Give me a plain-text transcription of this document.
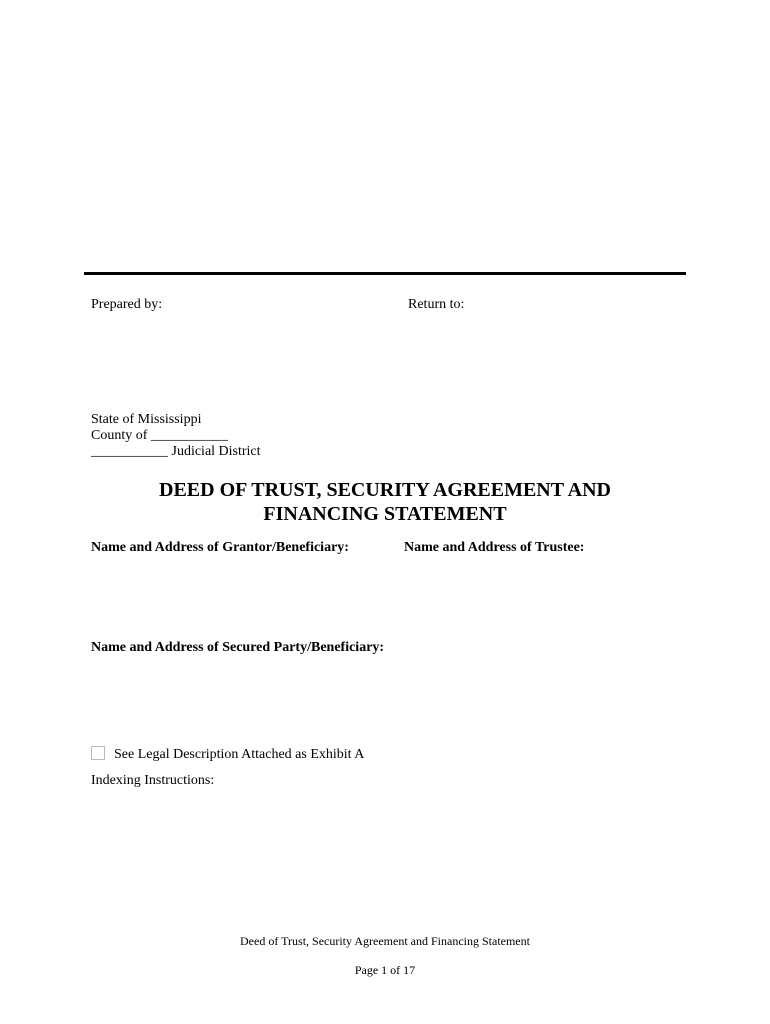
Prepared by:	Return to:
State of Mississippi
County of ___________
___________ Judicial District
DEED OF TRUST, SECURITY AGREEMENT AND
FINANCING STATEMENT
Name and Address of Grantor/Beneficiary:	Name and Address of Trustee:
Name and Address of Secured Party/Beneficiary:
See Legal Description Attached as Exhibit A
Indexing Instructions:
Deed of Trust, Security Agreement and Financing Statement
Page 1 of 17
